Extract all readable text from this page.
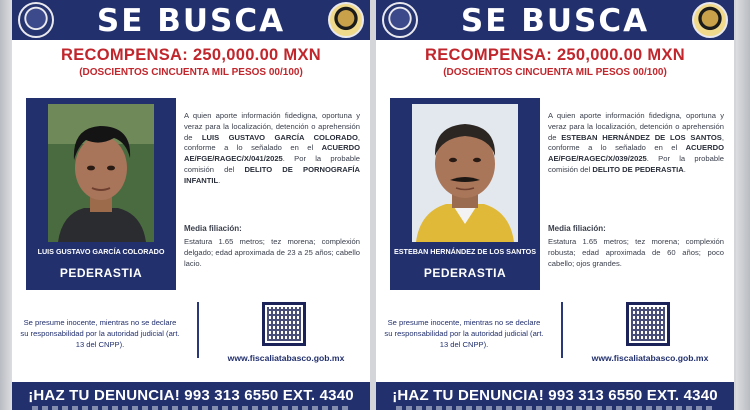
SE BUSCA
RECOMPENSA: 250,000.00 MXN
(DOSCIENTOS CINCUENTA MIL PESOS 00/100)
LUIS GUSTAVO GARCÍA COLORADO
PEDERASTIA
A quien aporte información fidedigna, oportuna y veraz para la localización, detención o aprehensión de LUIS GUSTAVO GARCÍA COLORADO, conforme a lo señalado en el ACUERDO AE/FGE/RAGEC/X/041/2025. Por la probable comisión del DELITO DE PORNOGRAFÍA INFANTIL.
Media filiación:
Estatura 1.65 metros; tez morena; complexión delgado; edad aproximada de 23 a 25 años; cabello lacio.
Se presume inocente, mientras no se declare su responsabilidad por la autoridad judicial (art. 13 del CNPP).
www.fiscaliatabasco.gob.mx
¡HAZ TU DENUNCIA! 993 313 6550 EXT. 4340
SE BUSCA
RECOMPENSA: 250,000.00 MXN
(DOSCIENTOS CINCUENTA MIL PESOS 00/100)
ESTEBAN HERNÁNDEZ DE LOS SANTOS
PEDERASTIA
A quien aporte información fidedigna, oportuna y veraz para la localización, detención o aprehensión de ESTEBAN HERNÁNDEZ DE LOS SANTOS, conforme a lo señalado en el ACUERDO AE/FGE/RAGEC/X/039/2025. Por la probable comisión del DELITO DE PEDERASTIA.
Media filiación:
Estatura 1.65 metros; tez morena; complexión robusta; edad aproximada de 60 años; poco cabello; ojos grandes.
Se presume inocente, mientras no se declare su responsabilidad por la autoridad judicial (art. 13 del CNPP).
www.fiscaliatabasco.gob.mx
¡HAZ TU DENUNCIA! 993 313 6550 EXT. 4340
